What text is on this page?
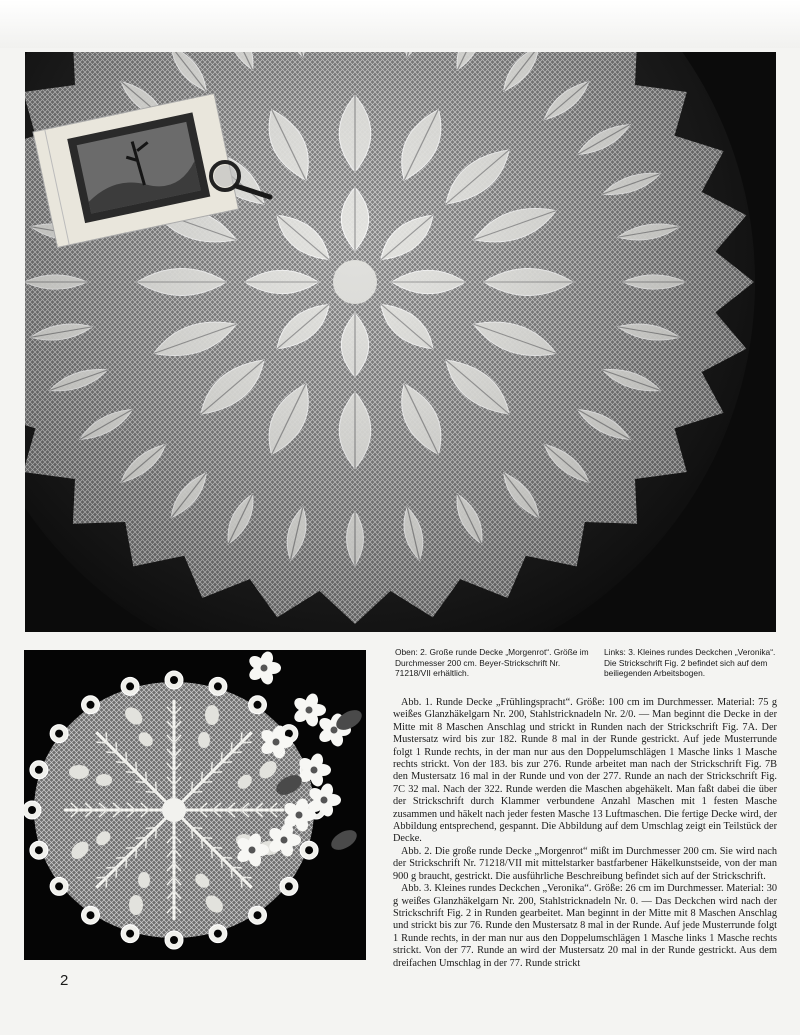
Oben: 2. Große runde Decke „Morgenrot“. Größe im Durchmesser 200 cm. Beyer-Strickschrift Nr. 71218/VII erhältlich.
Links: 3. Kleines rundes Deckchen „Veronika“. Die Strickschrift Fig. 2 befindet sich auf dem beiliegenden Arbeitsbogen.

Abb. 1. Runde Decke „Frühlingspracht“. Größe: 100 cm im Durchmesser. Material: 75 g weißes Glanzhäkelgarn Nr. 200, Stahlstricknadeln Nr. 2/0. — Man beginnt die Decke in der Mitte mit 8 Maschen Anschlag und strickt in Runden nach der Strickschrift Fig. 7A. Der Mustersatz wird bis zur 182. Runde 8 mal in der Runde gestrickt. Auf jede Musterrunde folgt 1 Runde rechts, in der man nur aus den Doppelumschlägen 1 Masche links 1 Masche rechts strickt. Von der 183. bis zur 276. Runde arbeitet man nach der Strickschrift Fig. 7B den Mustersatz 16 mal in der Runde und von der 277. Runde an nach der Strickschrift Fig. 7C 32 mal. Nach der 322. Runde werden die Maschen abgehäkelt. Man faßt dabei die über der Strickschrift durch Klammer verbundene Anzahl Maschen mit 1 festen Masche zusammen und häkelt nach jeder festen Masche 13 Luftmaschen. Die fertige Decke wird, der Abbildung entsprechend, gespannt. Die Abbildung auf dem Umschlag zeigt ein Teilstück der Decke.

Abb. 2. Die große runde Decke „Morgenrot“ mißt im Durchmesser 200 cm. Sie wird nach der Strickschrift Nr. 71218/VII mit mittelstarker bastfarbener Häkelkunstseide, von der man 900 g braucht, gestrickt. Die ausführliche Beschreibung befindet sich auf der Strickschrift.

Abb. 3. Kleines rundes Deckchen „Veronika“. Größe: 26 cm im Durchmesser. Material: 30 g weißes Glanzhäkelgarn Nr. 200, Stahlstricknadeln Nr. 0. — Das Deckchen wird nach der Strickschrift Fig. 2 in Runden gearbeitet. Man beginnt in der Mitte mit 8 Maschen Anschlag und strickt bis zur 76. Runde den Mustersatz 8 mal in der Runde. Auf jede Musterrunde folgt 1 Runde rechts, in der man nur aus den Doppelumschlägen 1 Masche links 1 Masche rechts strickt. Von der 77. Runde an wird der Mustersatz 20 mal in der Runde gestrickt. Aus dem dreifachen Umschlag in der 77. Runde strickt

2
